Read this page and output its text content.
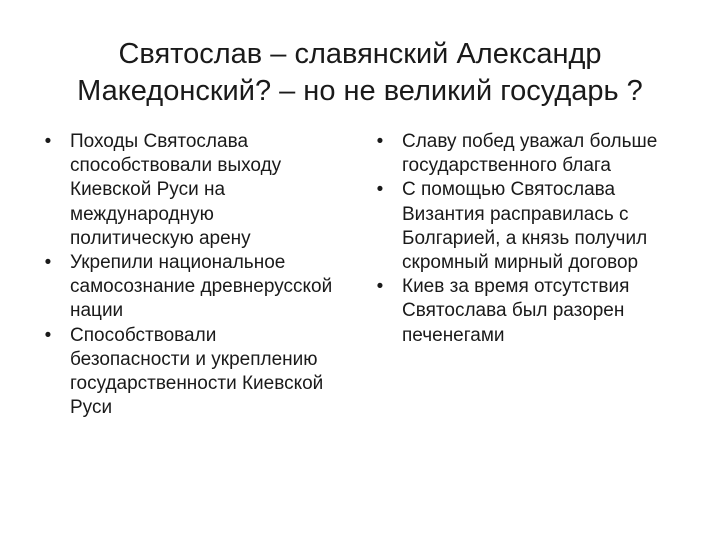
Святослав – славянский Александр
Македонский? – но не великий государь ?
• Походы Святослава
способствовали выходу
Киевской Руси на
международную
политическую арену
• Укрепили национальное
самосознание древнерусской
нации
• Способствовали
безопасности и укреплению
государственности Киевской
Руси
• Славу побед уважал больше
государственного блага
• С помощью Святослава
Византия расправилась с
Болгарией, а князь получил
скромный мирный договор
• Киев за время отсутствия
Святослава был разорен
печенегами
